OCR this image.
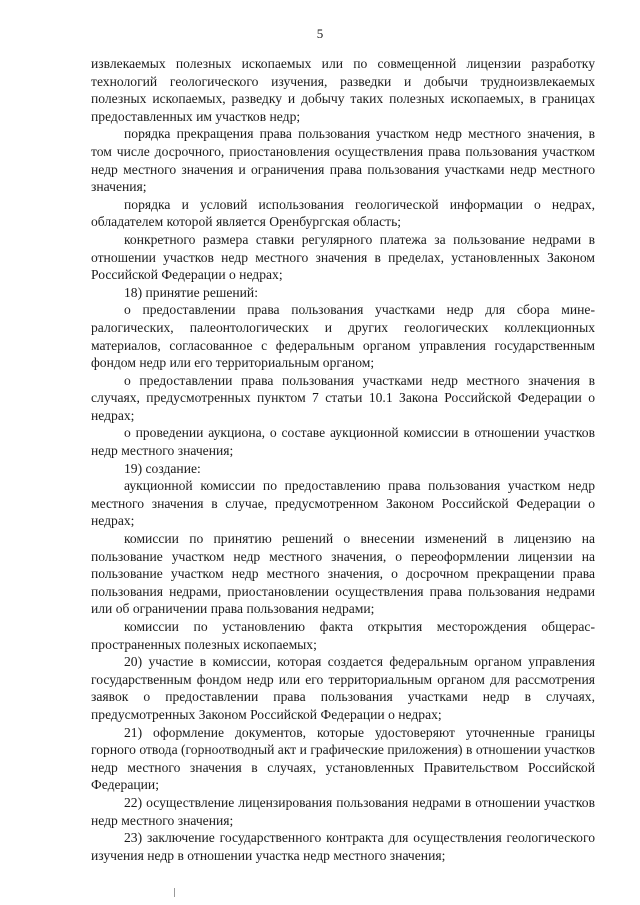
5

извлекаемых полезных ископаемых или по совмещенной лицензии разработку технологий геологического изучения, разведки и добычи трудноизвлекаемых полезных ископаемых, разведку и добычу таких полезных ископаемых, в границах предоставленных им участков недр;

порядка прекращения права пользования участком недр местного значения, в том числе досрочного, приостановления осуществления права пользования участком недр местного значения и ограничения права пользования участками недр местного значения;

порядка и условий использования геологической информации о недрах, обладателем которой является Оренбургская область;

конкретного размера ставки регулярного платежа за пользование недрами в отношении участков недр местного значения в пределах, установленных Законом Российской Федерации о недрах;

18) принятие решений:

о предоставлении права пользования участками недр для сбора минералогических, палеонтологических и других геологических коллекционных материалов, согласованное с федеральным органом управления государственным фондом недр или его территориальным органом;

о предоставлении права пользования участками недр местного значения в случаях, предусмотренных пунктом 7 статьи 10.1 Закона Российской Федерации о недрах;

о проведении аукциона, о составе аукционной комиссии в отношении участков недр местного значения;

19) создание:

аукционной комиссии по предоставлению права пользования участком недр местного значения в случае, предусмотренном Законом Российской Федерации о недрах;

комиссии по принятию решений о внесении изменений в лицензию на пользование участком недр местного значения, о переоформлении лицензии на пользование участком недр местного значения, о досрочном прекращении права пользования недрами, приостановлении осуществления права пользования недрами или об ограничении права пользования недрами;

комиссии по установлению факта открытия месторождения общераспространенных полезных ископаемых;

20) участие в комиссии, которая создается федеральным органом управления государственным фондом недр или его территориальным органом для рассмотрения заявок о предоставлении права пользования участками недр в случаях, предусмотренных Законом Российской Федерации о недрах;

21) оформление документов, которые удостоверяют уточненные границы горного отвода (горноотводный акт и графические приложения) в отношении участков недр местного значения в случаях, установленных Правительством Российской Федерации;

22) осуществление лицензирования пользования недрами в отношении участков недр местного значения;

23) заключение государственного контракта для осуществления геологического изучения недр в отношении участка недр местного значения;
